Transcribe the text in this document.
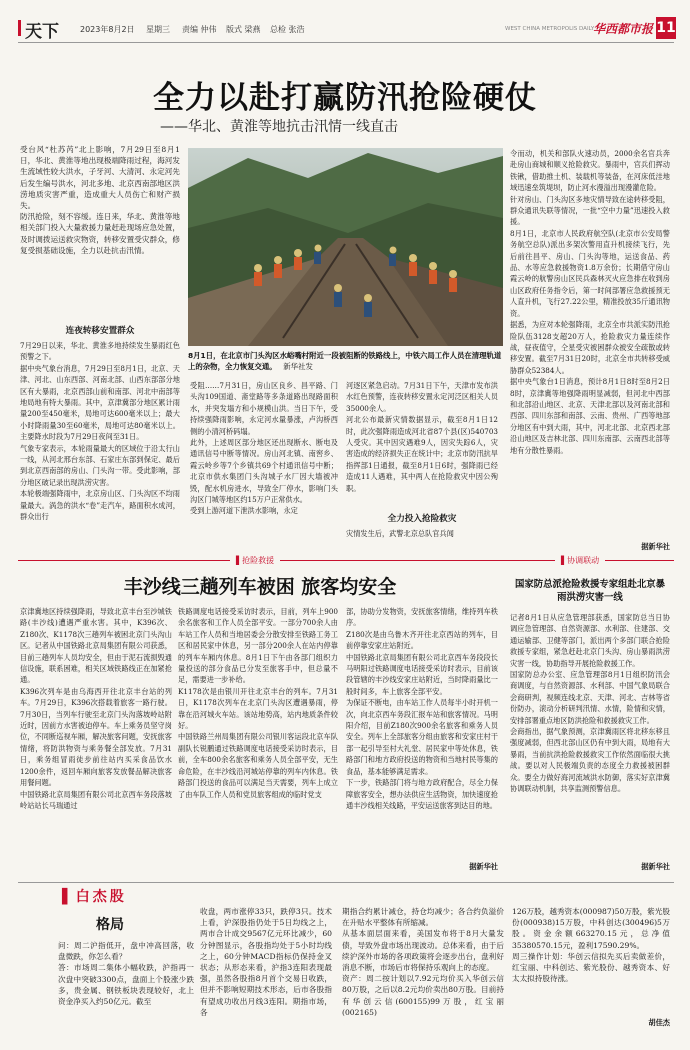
天下	2023年8月2日 星期三 责编 仲伟 版式 梁燕 总检 张浩	WEST CHINA METROPOLIS DAILY
华西都市报 11
全力以赴打赢防汛抢险硬仗
——华北、黄淮等地抗击汛情一线直击
受台风“杜苏芮”北上影响，7月29日至8月1日，华北、黄淮等地出现极端降雨过程，海河发生流域性较大洪水，子牙河、大清河、永定河先后发生编号洪水，河北多地、北京西南部地区洪涝地质灾害严重，造成重大人员伤亡和财产损失。
防汛抢险，刻不容缓。连日来，华北、黄淮等地相关部门投入大量救援力量赶赴现场应急处置，及时调拨运送救灾物资，转移安置受灾群众，修复受损基础设施，全力以赴抗击汛情。
8月1日，在北京市门头沟区水峪嘴村附近一段被阻断的铁路线上，中铁六局工作人员在清理轨道上的杂物，全力恢复交通。 新华社发
连夜转移安置群众
7月29日以来，华北、黄淮多地持续发生暴雨红色预警之下。
据中央气象台消息，7月29日至8月1日，北京、天津、河北、山东西部、河南北部、山西东部部分地区有大暴雨，北京西部山前和南部、河北中南部等地局地有特大暴雨。其中，京津冀部分地区累计雨量200至450毫米，局地可达600毫米以上；最大小时降雨量30至60毫米，局地可达80毫米以上。主要降水时段为7月29日夜间至31日。
气象专家表示，本轮雨量最大的区域位于沿太行山一线，从河北邢台东部、石家庄东部到保定、最后到北京西南部的房山、门头沟一带。受此影响，部分地区破记录出现洪涝灾害。
本轮极端强降雨中，北京房山区、门头沟区不均雨量最大。涡急的洪水“卷”走汽车，路面积水成河，群众出行
受阻……7月31日，房山区良乡、昌平路、门头沟109国道、斋堂路等多条道路出现路面积水，并突发塌方和小规模山洪。当日下午，受持续强降雨影响，永定河水量暴涨，卢沟桥西侧的小清河桥码塌。
此外，上述周区部分地区还出现断水、断电及通讯信号中断等情况。房山河北镇、南窖乡、霞云岭乡等7个乡镇共69个村通讯信号中断；北京市供水集团门头沟城子水厂因大墙被冲毁，配水机房进水，导致全厂停水，影响门头沟区门城等地区约15万户正常供水。
受到上游河道下泄洪水影响，永定
河逐区紧急启动。7月31日下午，天津市发布洪水红色预警，连夜转移安置永定河泛区相关人员35000余人。
河北公布最新灾情数据显示，截至8月1日12时，此次强降雨造成河北省87个县(区)540703人受灾。其中因灾遇难9人，因灾失踪6人，灾害造成的经济损失正在统计中；北京市防汛抗旱指挥部1日通报，截至8月1日6时，强降雨已经造成11人遇难，其中两人在抢险救灾中因公殉职。
全力投入抢险救灾
灾情发生后，武警北京总队官兵闻
令而动，机关和部队火速动员，2000余名官兵奔赴房山商城和顺义抢险救灾。暴雨中，官兵们挥动铁锹，借助推土机、装载机等装备，在河床低洼地域迅速垒筑堤坝，防止河水漫溢出现漫灌危险。
针对房山、门头沟区多地灾情导致在途转移受阻，群众通讯失联等情况，一批“空中力量”迅速投入救援。
8月1日，北京市人民政府航空队(北京市公安局警务航空总队)派出多架次警用直升机接续飞行，先后前往昌平、房山、门头沟等地，运送食品、药品、水等应急救援物资1.8万余份；长期借守房山霞云岭的航警房山区民兵森林灭火应急排在收到房山区政府任务指令后，第一时间部署应急救援预无人直升机，飞行27.22公里，精准投放35斤通讯物资。
据悉，为应对本轮强降雨，北京全市共派实防汛抢险队伍3128支超20万人，抢险救灾力量连续作战，昼夜值守，仝星受灾被困群众被安全疏散或转移安置。截至7月31日20时，北京全市共转移受威胁群众52384人。
据中央气象台1日消息，预计8月1日8时至8月2日8时，京津冀等地强降雨明显减弱，但河北中西部和北部沿山地区、北京、天津北部以及河南北部和西部、四川东部和南部、云南、贵州、广西等地部分地区有中到大雨，其中，河北北部、北京西北部沿山地区及吉林北部、四川东南部、云南西北部等地有分散性暴雨。
据新华社
▌抢险救援	▌协调联动
丰沙线三趟列车被困 旅客均安全
京津冀地区持续强降雨，导致北京丰台至沙城铁路(丰沙线)遭遇严重水害。其中，K396次、Z180次、K1178次三趟列车被困北京门头沟山区。记者从中国铁路北京局集团有限公司获悉，目前三趟列车人员均安全，但由于泥石流损毁通信设施，联系困难，相关区域铁路线正在加紧抢通。
K396次列车是由乌海西开往北京丰台站的列车。7月29日，K396次搭载着旅客一路行驶。7月30日，当列车行驶至北京门头沟落坡岭站附近时，因前方水害被迫停车。车上乘务员坚守岗位，不同断巡视车厢，解决旅客问题，安抚旅客情绪，将防洪物资与乘务餐全部发放。7月31日，乘务组冒雨徒步前往站内买采食品饮水1200余件，返回车厢向旅客发放餐品解决旅客用餐问题。
中国铁路北京局集团有限公司北京西车务段落坡岭站站长马瑞通过
铁路调度电话接受采访时表示，目前，列车上900余名旅客和工作人员全部平安。一部分700余人由车站工作人员和当地居委会分散安排至铁路工务工区和居民家中休息，另一部分200余人在站内停靠的列车车厢内休息。8月1日下午由各部门组织力量投送的部分食品已分发至旅客手中，但总量不足，需要进一步补给。
K1178次是由银川开往北京丰台的列车。7月31日，K1178次列车在北京门头沟区遭遇暴雨，停靠在沿河城火车站。该站地势高，站内地质条件较好。
中国铁路兰州局集团有限公司银川客运段北京车队副队长锐鹏通过铁路调度电话接受采访时表示，目前，全车800余名旅客和乘务人员全部平安，无生命危险，在丰沙线沿河城站停靠的列车内休息。铁路部门投送的食品可以满足当天需要，列车上成立了由车队工作人员和党员旅客组成的临时党支
部，协助分发物资，安抚旅客情绪，维持列车秩序。
Z180次是由乌鲁木齐开往北京西站的列车，目前停靠安家庄站附近。
中国铁路北京局集团有限公司北京西车务段段长马明阳过铁路调度电话接受采访时表示，目前该段管辖的丰沙线安家庄站附近，当时降雨量比一般时间多，车上旅客全部平安。
为保证不断电，由车站工作人员每半小时开机一次，向北京西车务段汇报车站和旅客情况。马明阳介绍，目前Z180次900余名旅客和乘务人员安全。列车上全部旅客分组由旅客和安家庄村干部一起引导至村大礼堂、居民家中等处休息，铁路部门和地方政府投送的物资和当地村民等集的食品，基本能够满足需求。
下一步，铁路部门将与地方政府配合，尽全力保障旅客安全，想办法供应生活物资，加快速度抢通丰沙线相关线路，平安运送旅客到达目的地。
据新华社
国家防总派抢险救援专家组赴北京暴雨洪涝灾害一线
记者8月1日从应急管理部获悉，国家防总当日协调应急管理部、自然资源部、水利部、住建部、交通运输部、卫健等部门，派出两个多部门联合抢险救援专家组，紧急赶赴北京门头沟、房山暴雨洪涝灾害一线，协助指导开展抢险救援工作。
国家防总办公室、应急管理部8月1日组织防汛会商调度，与自然资源部、水利部、中国气象局联合会商研判，视频连线北京、天津、河北、吉林等省份防办，滚动分析研判汛情、水情，险情和灾情，安排部署重点地区防洪抢险和救援救灾工作。
会商指出，据气象预测，京津冀雨区将北移东移且强度减弱，但西北部山区仍有中到大雨，局地有大暴雨，当前抗洪抢险救援救灾工作依然面临很大挑战。要以对人民极端负责的态度全力救援被困群众。要全力做好海河流域洪水防御，落实好京津冀协调联动机制，共享监测预警信息。
据新华社
▌白杰股
格局
问：周二沪指低开，盘中冲高回落，收盘微跌，你怎么看？
答：市场周二集体小幅收跌，沪指再一次盘中突破3300点，盘面上个股涨少跌多，贵金属、钢铁板块表现较好，北上资金净买入约50亿元。截至
收盘，两市涨停33只，跌停3只。技术上看，沪深股指仍处于5日均线之上，两市合计成交9567亿元环比减少，60分钟图显示，各股指均处于5小时均线之上，60分钟MACD指标仍保持金叉状态；从形态来看，沪指3连阳表现最强，虽然各股指8月首个交易日收跌，但并不影响短期技术形态，后市各股指有望成功收出月线3连阳。期指市场，各
期指合约累计减仓，持仓均减少；各合约负溢价在升贴水平整体有所缩减。
从基本面层面来看，美国发布将于8月大量发债，导致外盘市场出现波动。总体来看，由于后续沪深外市场的各项政策将会逐步出台，盘利好消息不断，市场后市将保持乐观向上的态度。
资产：周二按计划以7.92元均价买入华创云信80万股，之后以8.2元均价卖出80万股。目前持有华创云信(600155)99万股，红宝丽(002165)
126万股，越秀资本(000987)50万股，紫光股份(000938)15万股，中科创达(300496)5万股。资金余额663270.15元，总净值35380570.15元，盈利17590.29%。
周三操作计划：华创云信拟先买后卖做差价，红宝丽、中科创达、紫光股份、越秀资本、好太太拟持股待涨。
胡佳杰
